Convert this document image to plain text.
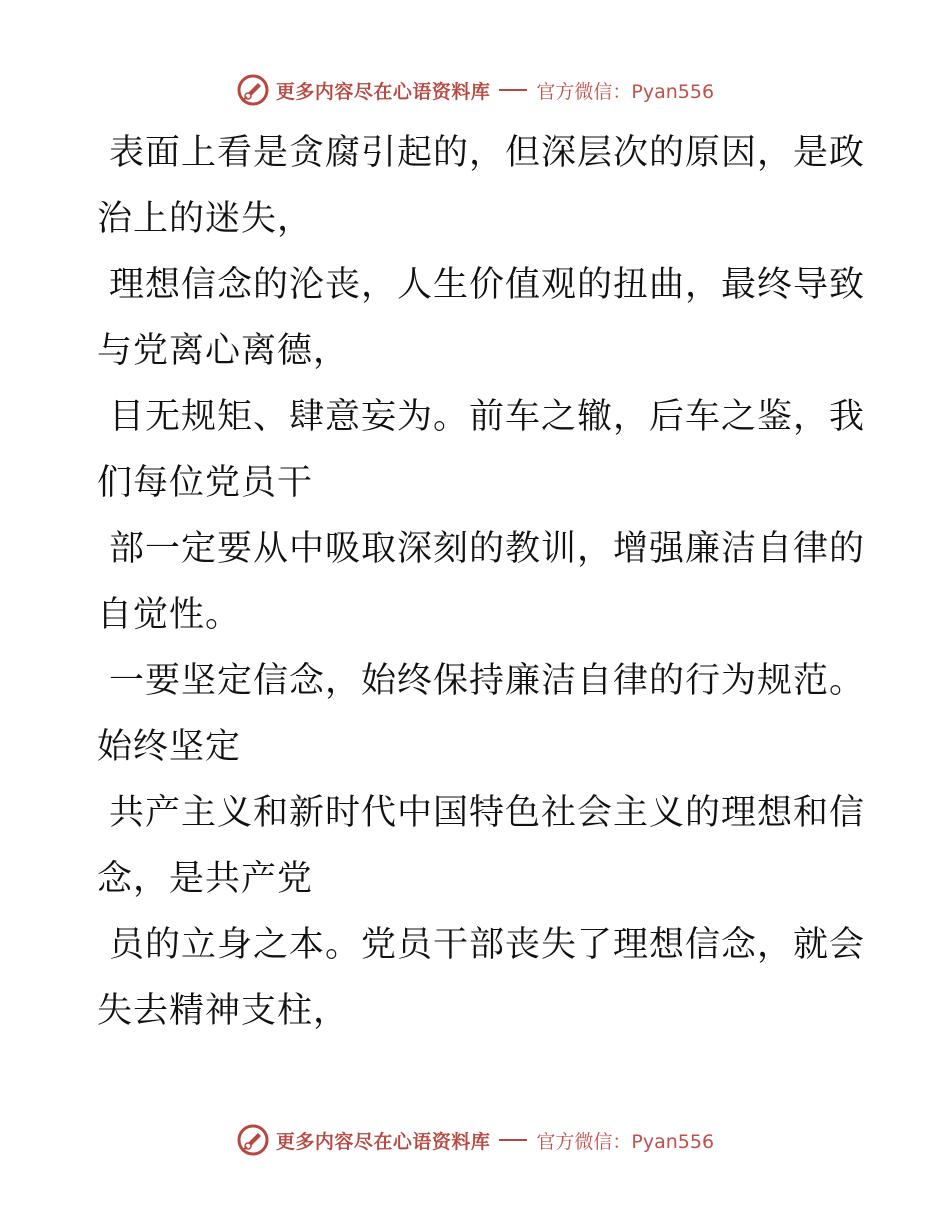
更多内容尽在心语资料库 官方微信：Pyan556

表面上看是贪腐引起的，但深层次的原因，是政
治上的迷失，

理想信念的沦丧，人生价值观的扭曲，最终导致
与党离心离德，

目无规矩、肆意妄为。前车之辙，后车之鉴，我
们每位党员干

部一定要从中吸取深刻的教训，增强廉洁自律的
自觉性。

一要坚定信念，始终保持廉洁自律的行为规范。
始终坚定

共产主义和新时代中国特色社会主义的理想和信
念，是共产党

员的立身之本。党员干部丧失了理想信念，就会
失去精神支柱，

更多内容尽在心语资料库 官方微信：Pyan556
